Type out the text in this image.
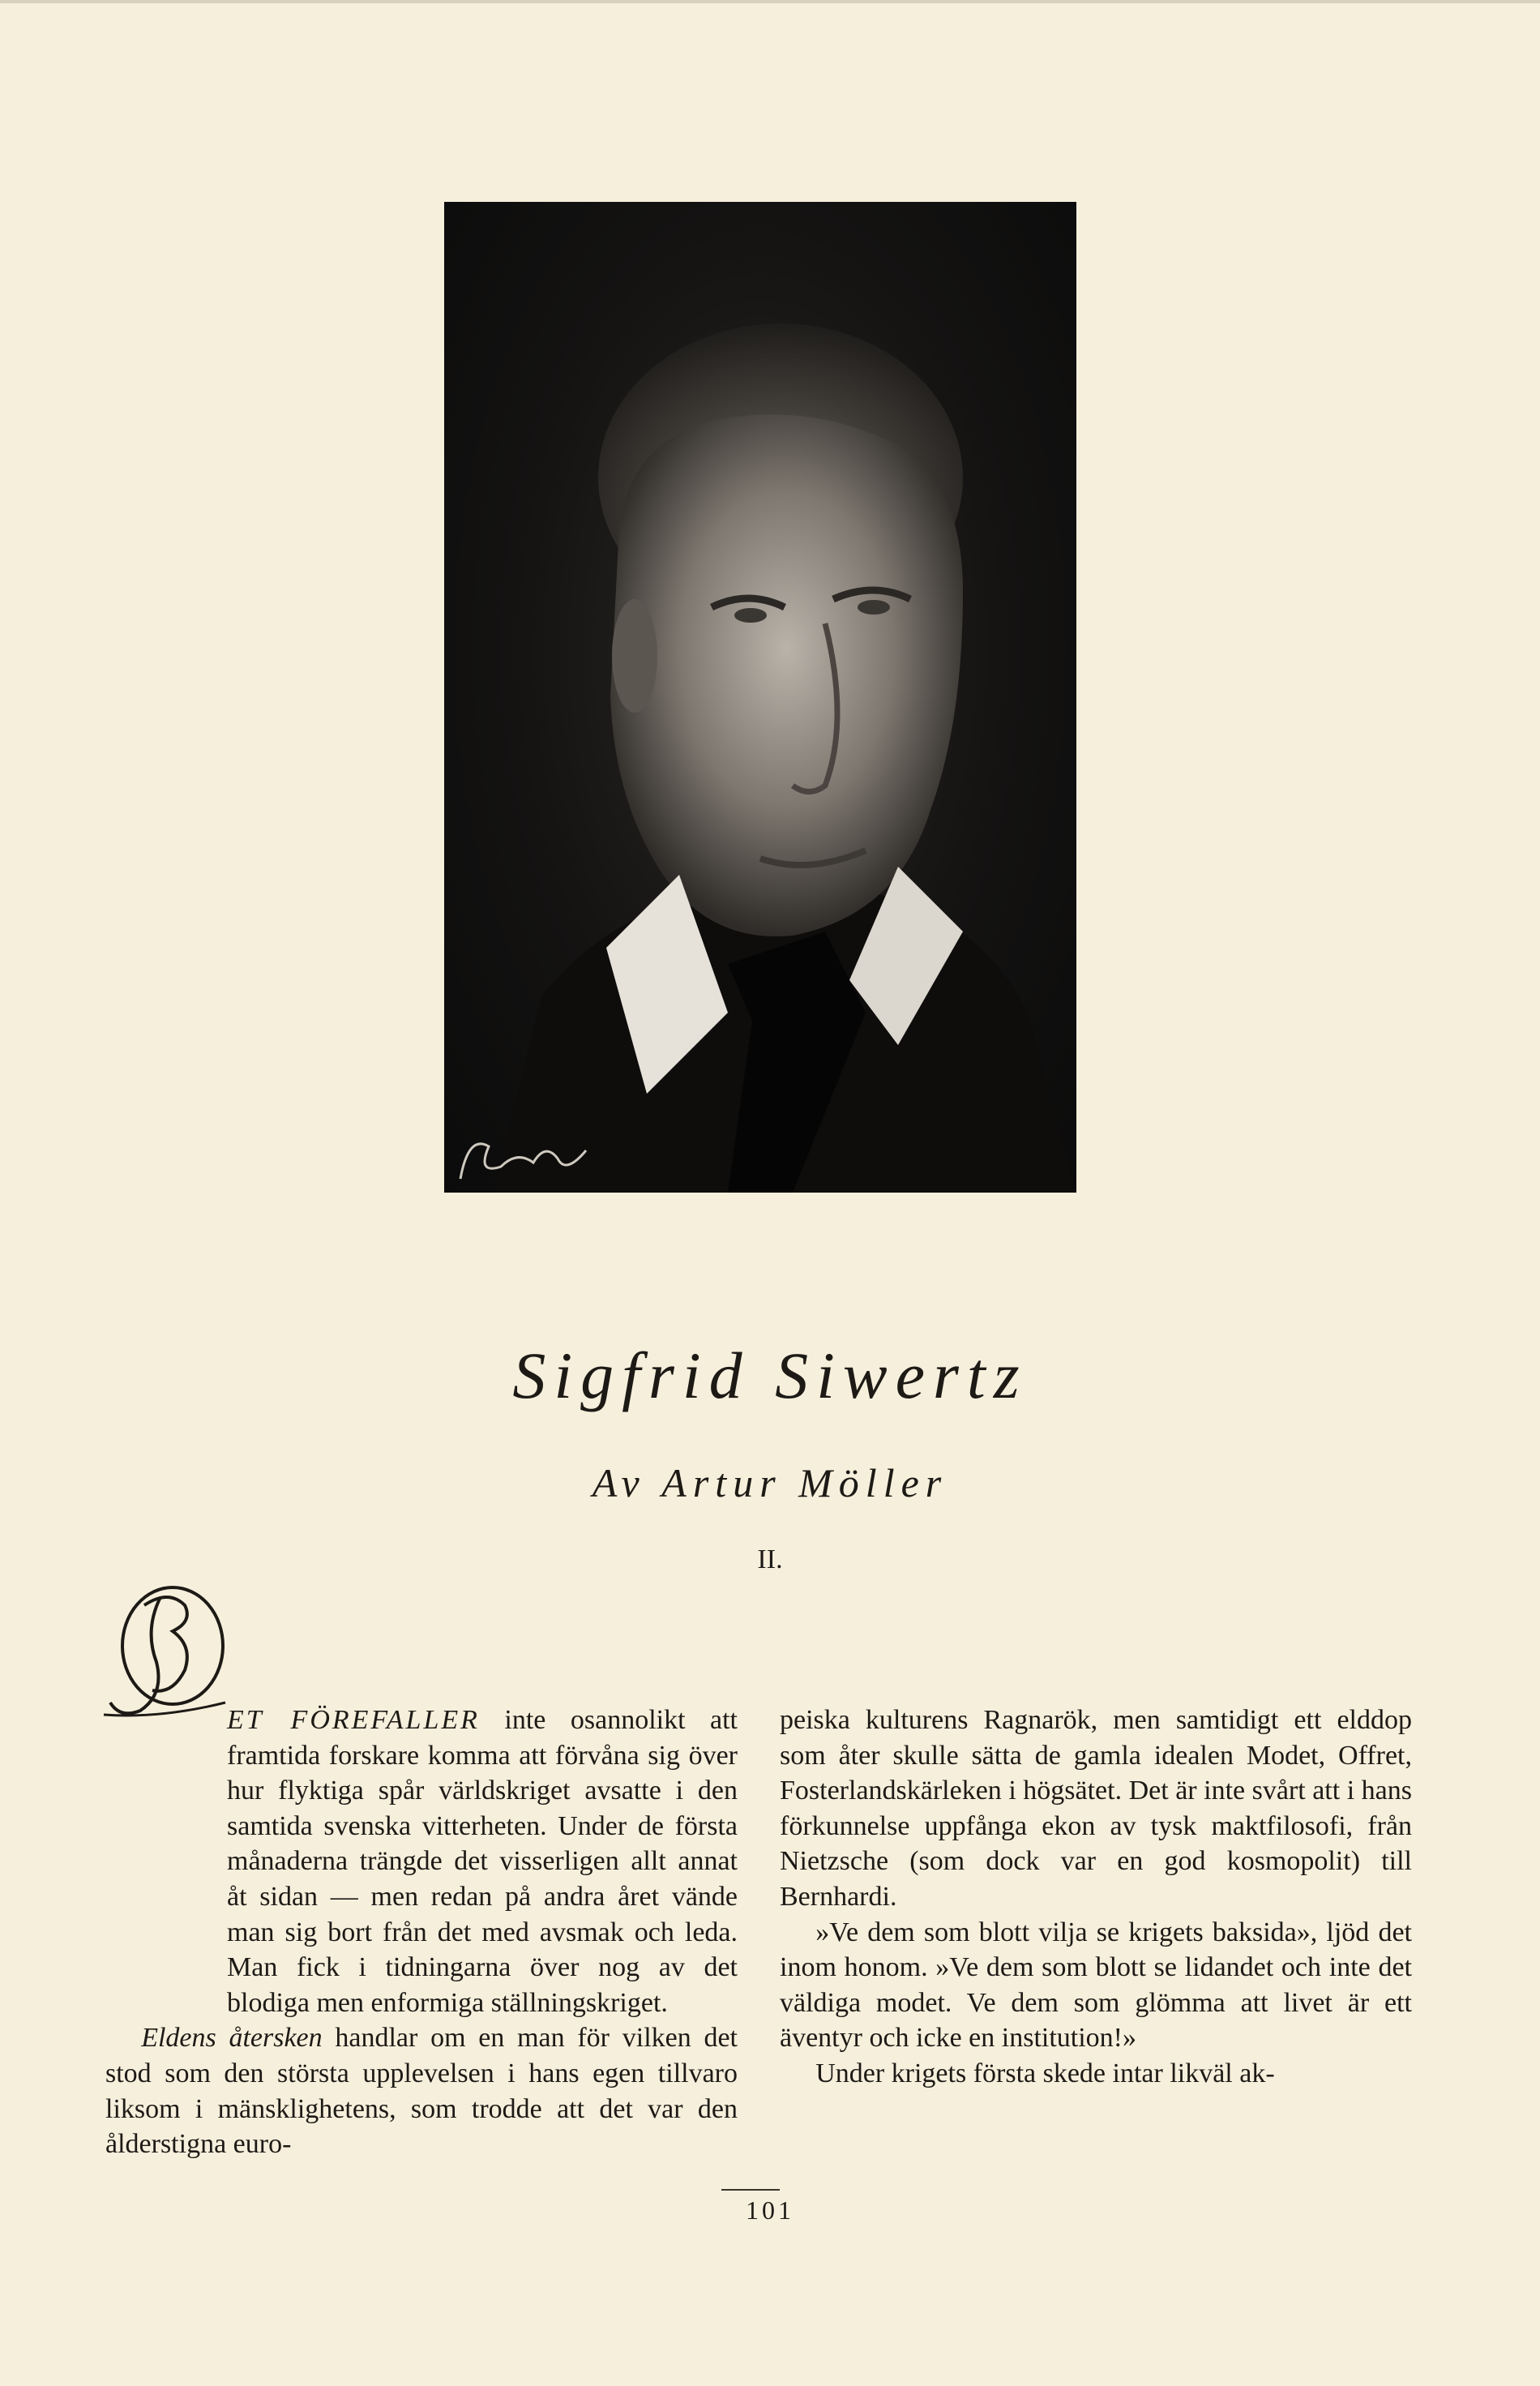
Sigfrid Siwertz
Av Artur Möller
II.
D

ET FÖREFALLER inte osannolikt att framtida forskare komma att förvåna sig över hur flyktiga spår världskriget avsatte i den samtida svenska vitterheten. Under de första månaderna trängde det visserligen allt annat åt sidan — men redan på andra året vände man sig bort från det med avsmak och leda. Man fick i tidningarna över nog av det blodiga men enformiga ställningskriget.

Eldens återsken handlar om en man för vilken det stod som den största upplevelsen i hans egen tillvaro liksom i mänsklighetens, som trodde att det var den ålderstigna euro-

peiska kulturens Ragnarök, men samtidigt ett elddop som åter skulle sätta de gamla idealen Modet, Offret, Fosterlandskärleken i högsätet. Det är inte svårt att i hans förkunnelse uppfånga ekon av tysk maktfilosofi, från Nietzsche (som dock var en god kosmopolit) till Bernhardi.

»Ve dem som blott vilja se krigets baksida», ljöd det inom honom. »Ve dem som blott se lidandet och inte det väldiga modet. Ve dem som glömma att livet är ett äventyr och icke en institution!»

Under krigets första skede intar likväl ak-

101
